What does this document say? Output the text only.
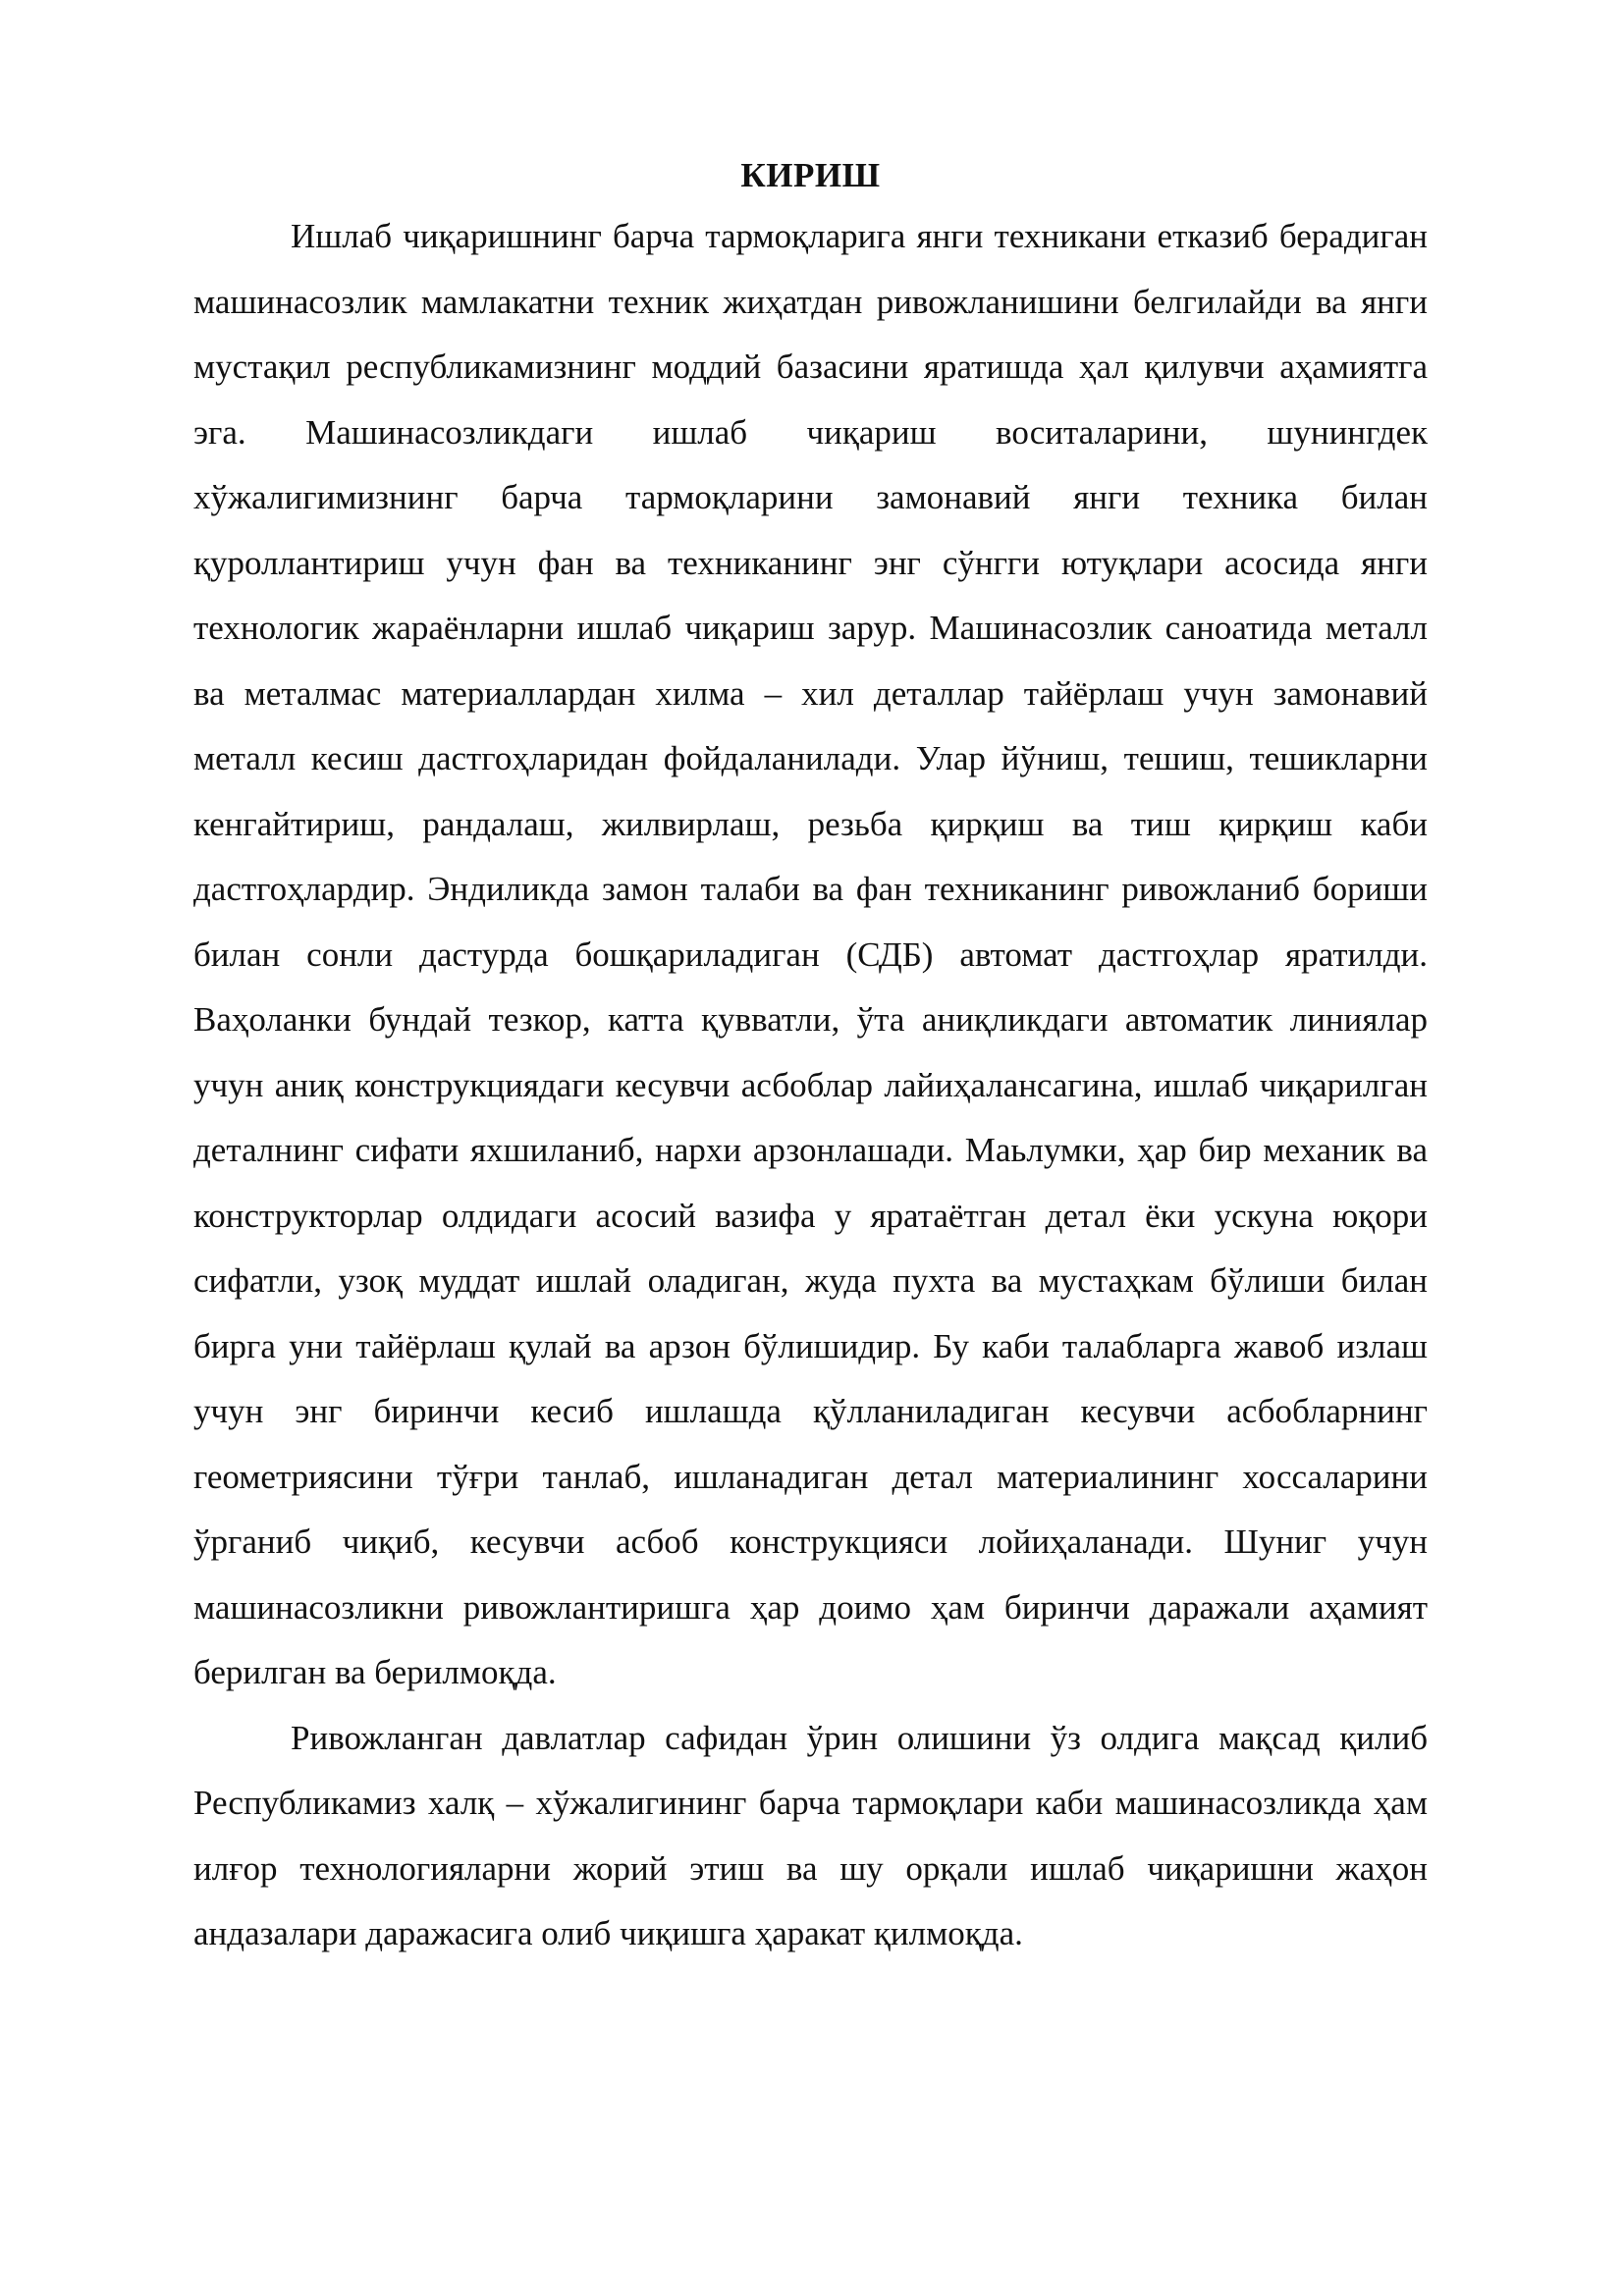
КИРИШ

Ишлаб чиқаришнинг барча тармоқларига янги техникани етказиб берадиган машинасозлик мамлакатни техник жиҳатдан ривожланишини белгилайди ва янги мустақил республикамизнинг моддий базасини яратишда ҳал қилувчи аҳамиятга эга. Машинасозликдаги ишлаб чиқариш воситаларини, шунингдек хўжалигимизнинг барча тармоқларини замонавий янги техника билан қуроллантириш учун фан ва техниканинг энг сўнгги ютуқлари асосида янги технологик жараёнларни ишлаб чиқариш зарур. Машинасозлик саноатида металл ва металмас материаллардан хилма – хил деталлар тайёрлаш учун замонавий металл кесиш дастгоҳларидан фойдаланилади. Улар йўниш, тешиш, тешикларни кенгайтириш, рандалаш, жилвирлаш, резьба қирқиш ва тиш қирқиш каби дастгоҳлардир. Эндиликда замон талаби ва фан техниканинг ривожланиб бориши билан сонли дастурда бошқариладиган (СДБ) автомат дастгоҳлар яратилди. Ваҳоланки бундай тезкор, катта қувватли, ўта аниқликдаги автоматик линиялар учун аниқ конструкциядаги кесувчи асбоблар лайиҳалансагина, ишлаб чиқарилган деталнинг сифати яхшиланиб, нархи арзонлашади. Маьлумки, ҳар бир механик ва конструкторлар олдидаги асосий вазифа у яратаётган детал ёки ускуна юқори сифатли, узоқ муддат ишлай оладиган, жуда пухта ва мустаҳкам бўлиши билан бирга уни тайёрлаш қулай ва арзон бўлишидир. Бу каби талабларга жавоб излаш учун энг биринчи кесиб ишлашда қўлланиладиган кесувчи асбобларнинг геометриясини тўғри танлаб, ишланадиган детал материалининг хоссаларини ўрганиб чиқиб, кесувчи асбоб конструкцияси лойиҳаланади. Шуниг учун машинасозликни ривожлантиришга ҳар доимо ҳам биринчи даражали аҳамият берилган ва берилмоқда.

Ривожланган давлатлар сафидан ўрин олишини ўз олдига мақсад қилиб Республикамиз халқ – хўжалигининг барча тармоқлари каби машинасозликда ҳам илғор технологияларни жорий этиш ва шу орқали ишлаб чиқаришни жаҳон андазалари даражасига олиб чиқишга ҳаракат қилмоқда.
